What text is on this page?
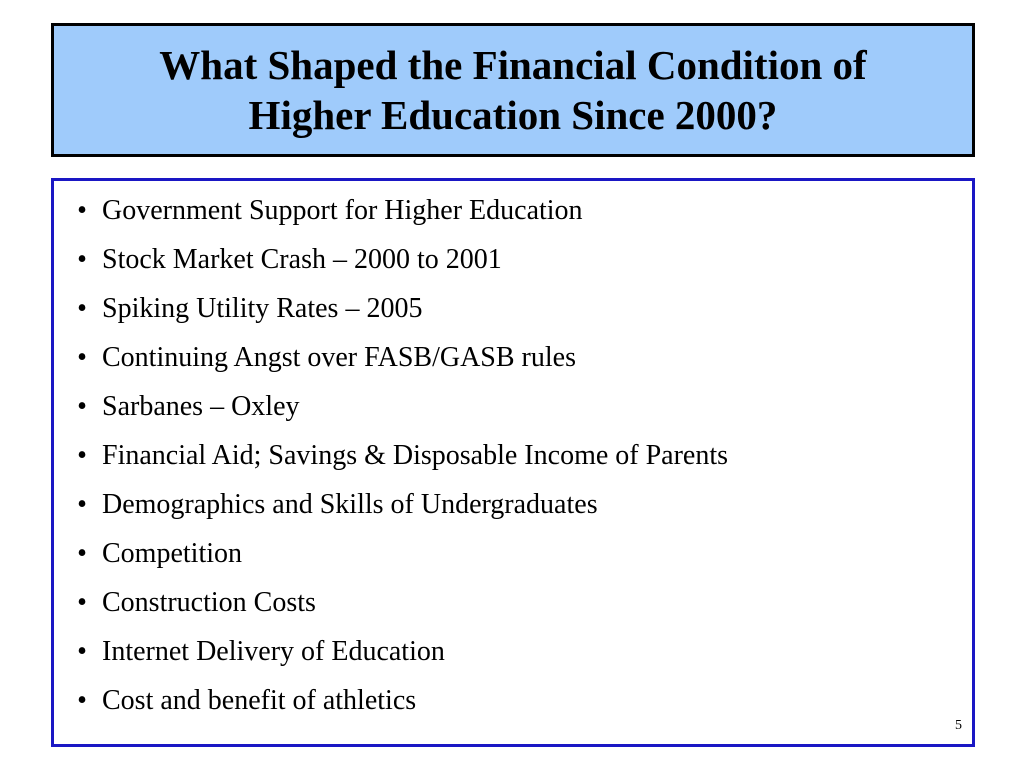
What Shaped the Financial Condition of
Higher Education Since 2000?
• Government Support for Higher Education
• Stock Market Crash – 2000 to 2001
• Spiking Utility Rates – 2005
• Continuing Angst over FASB/GASB rules
• Sarbanes – Oxley
• Financial Aid; Savings & Disposable Income of Parents
• Demographics and Skills of Undergraduates
• Competition
• Construction Costs
• Internet Delivery of Education
• Cost and benefit of athletics
5
